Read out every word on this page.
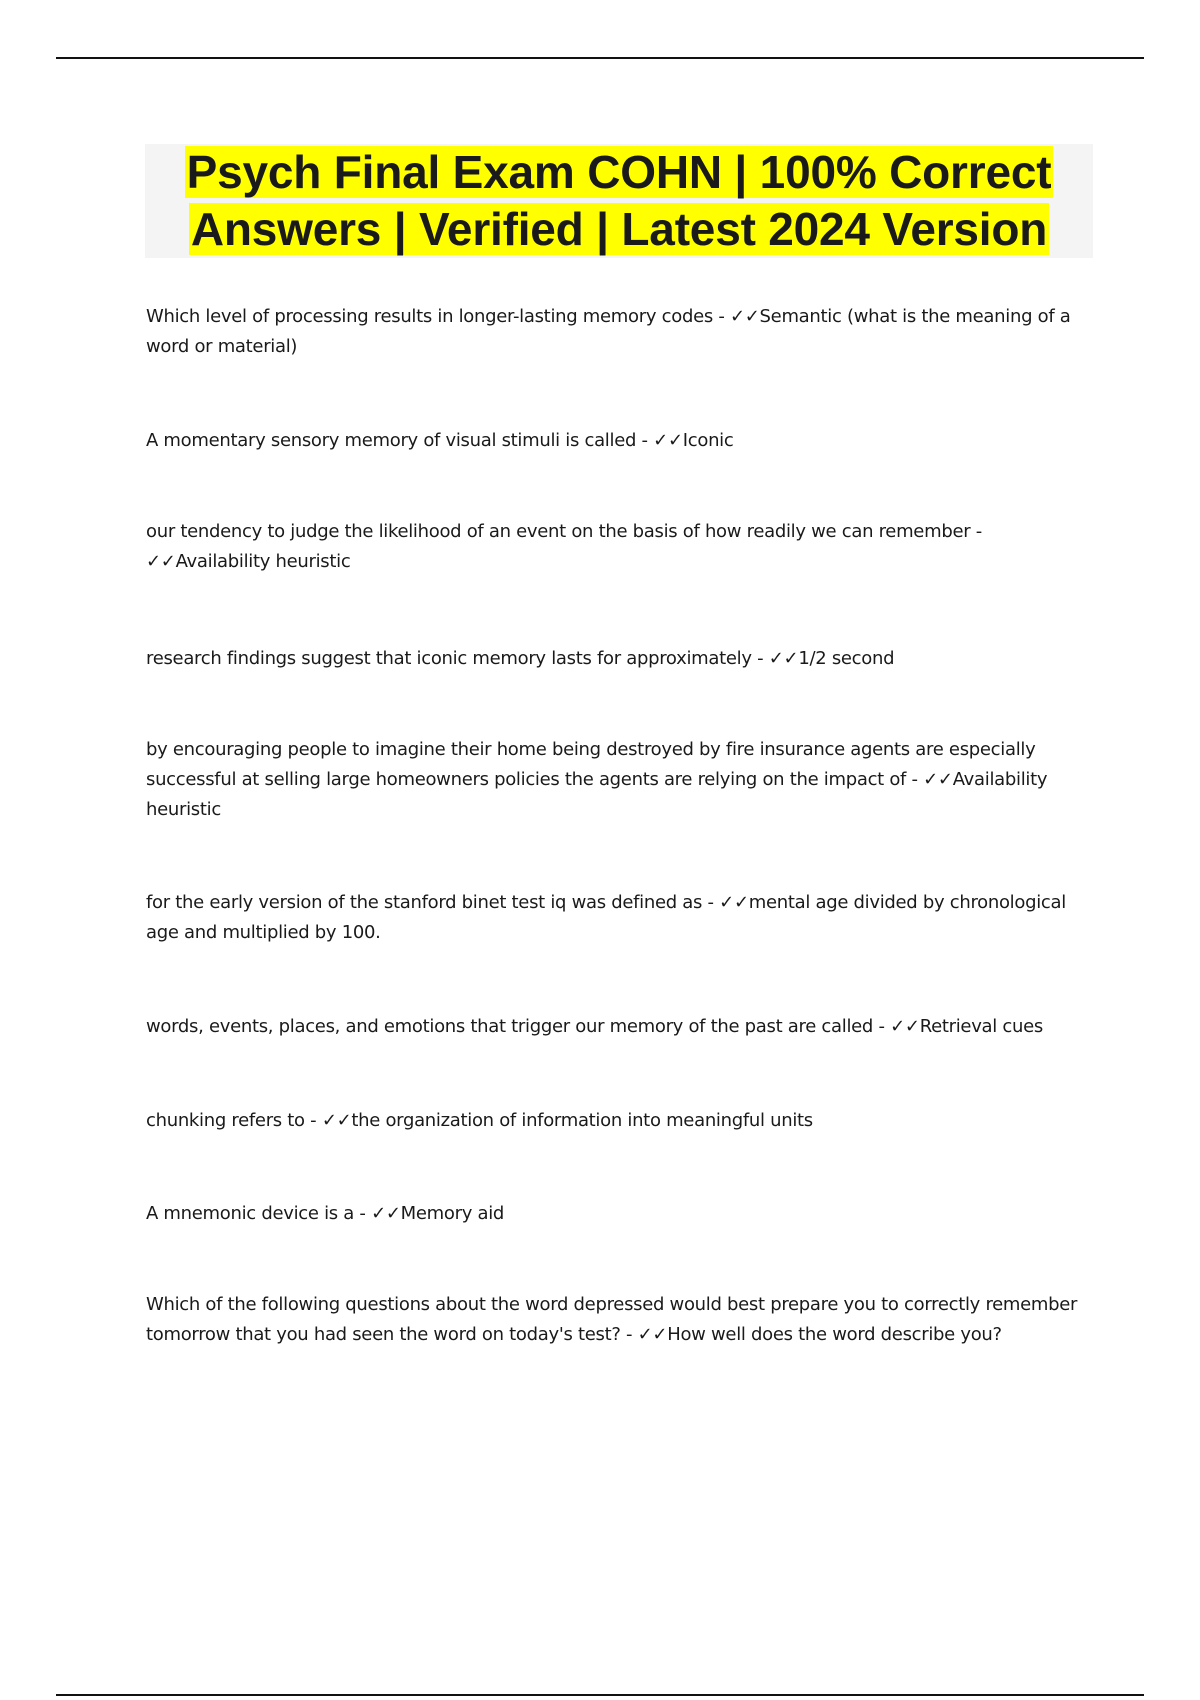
Psych Final Exam COHN | 100% Correct Answers | Verified | Latest 2024 Version
Which level of processing results in longer-lasting memory codes - ✓✓Semantic (what is the meaning of a word or material)
A momentary sensory memory of visual stimuli is called - ✓✓Iconic
our tendency to judge the likelihood of an event on the basis of how readily we can remember - ✓✓Availability heuristic
research findings suggest that iconic memory lasts for approximately - ✓✓1/2 second
by encouraging people to imagine their home being destroyed by fire insurance agents are especially successful at selling large homeowners policies the agents are relying on the impact of - ✓✓Availability heuristic
for the early version of the stanford binet test iq was defined as - ✓✓mental age divided by chronological age and multiplied by 100.
words, events, places, and emotions that trigger our memory of the past are called - ✓✓Retrieval cues
chunking refers to - ✓✓the organization of information into meaningful units
A mnemonic device is a - ✓✓Memory aid
Which of the following questions about the word depressed would best prepare you to correctly remember tomorrow that you had seen the word on today's test? - ✓✓How well does the word describe you?
